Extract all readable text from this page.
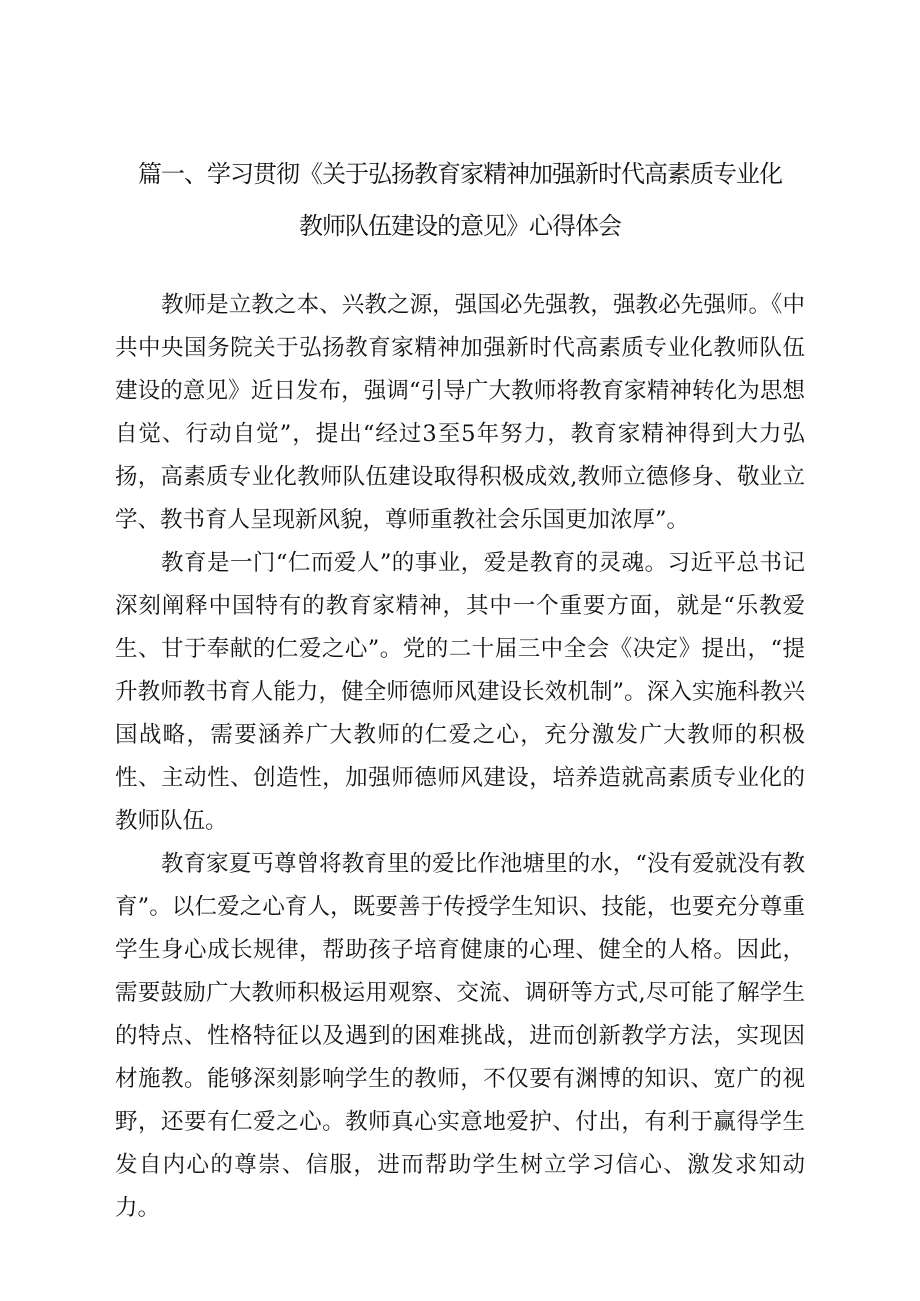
篇一、学习贯彻《关于弘扬教育家精神加强新时代高素质专业化
教师队伍建设的意见》心得体会

教师是立教之本、兴教之源，强国必先强教，强教必先强师。《中共中央国务院关于弘扬教育家精神加强新时代高素质专业化教师队伍建设的意见》近日发布，强调“引导广大教师将教育家精神转化为思想自觉、行动自觉”，提出“经过3至5年努力，教育家精神得到大力弘扬，高素质专业化教师队伍建设取得积极成效,教师立德修身、敬业立学、教书育人呈现新风貌，尊师重教社会乐国更加浓厚”。

教育是一门“仁而爱人”的事业，爱是教育的灵魂。习近平总书记深刻阐释中国特有的教育家精神，其中一个重要方面，就是“乐教爱生、甘于奉献的仁爱之心”。党的二十届三中全会《决定》提出，“提升教师教书育人能力，健全师德师风建设长效机制”。深入实施科教兴国战略，需要涵养广大教师的仁爱之心，充分激发广大教师的积极性、主动性、创造性，加强师德师风建设，培养造就高素质专业化的教师队伍。

教育家夏丐尊曾将教育里的爱比作池塘里的水，“没有爱就没有教育”。以仁爱之心育人，既要善于传授学生知识、技能，也要充分尊重学生身心成长规律，帮助孩子培育健康的心理、健全的人格。因此，需要鼓励广大教师积极运用观察、交流、调研等方式,尽可能了解学生的特点、性格特征以及遇到的困难挑战，进而创新教学方法，实现因材施教。能够深刻影响学生的教师，不仅要有渊博的知识、宽广的视野，还要有仁爱之心。教师真心实意地爱护、付出，有利于赢得学生发自内心的尊崇、信服，进而帮助学生树立学习信心、激发求知动力。
